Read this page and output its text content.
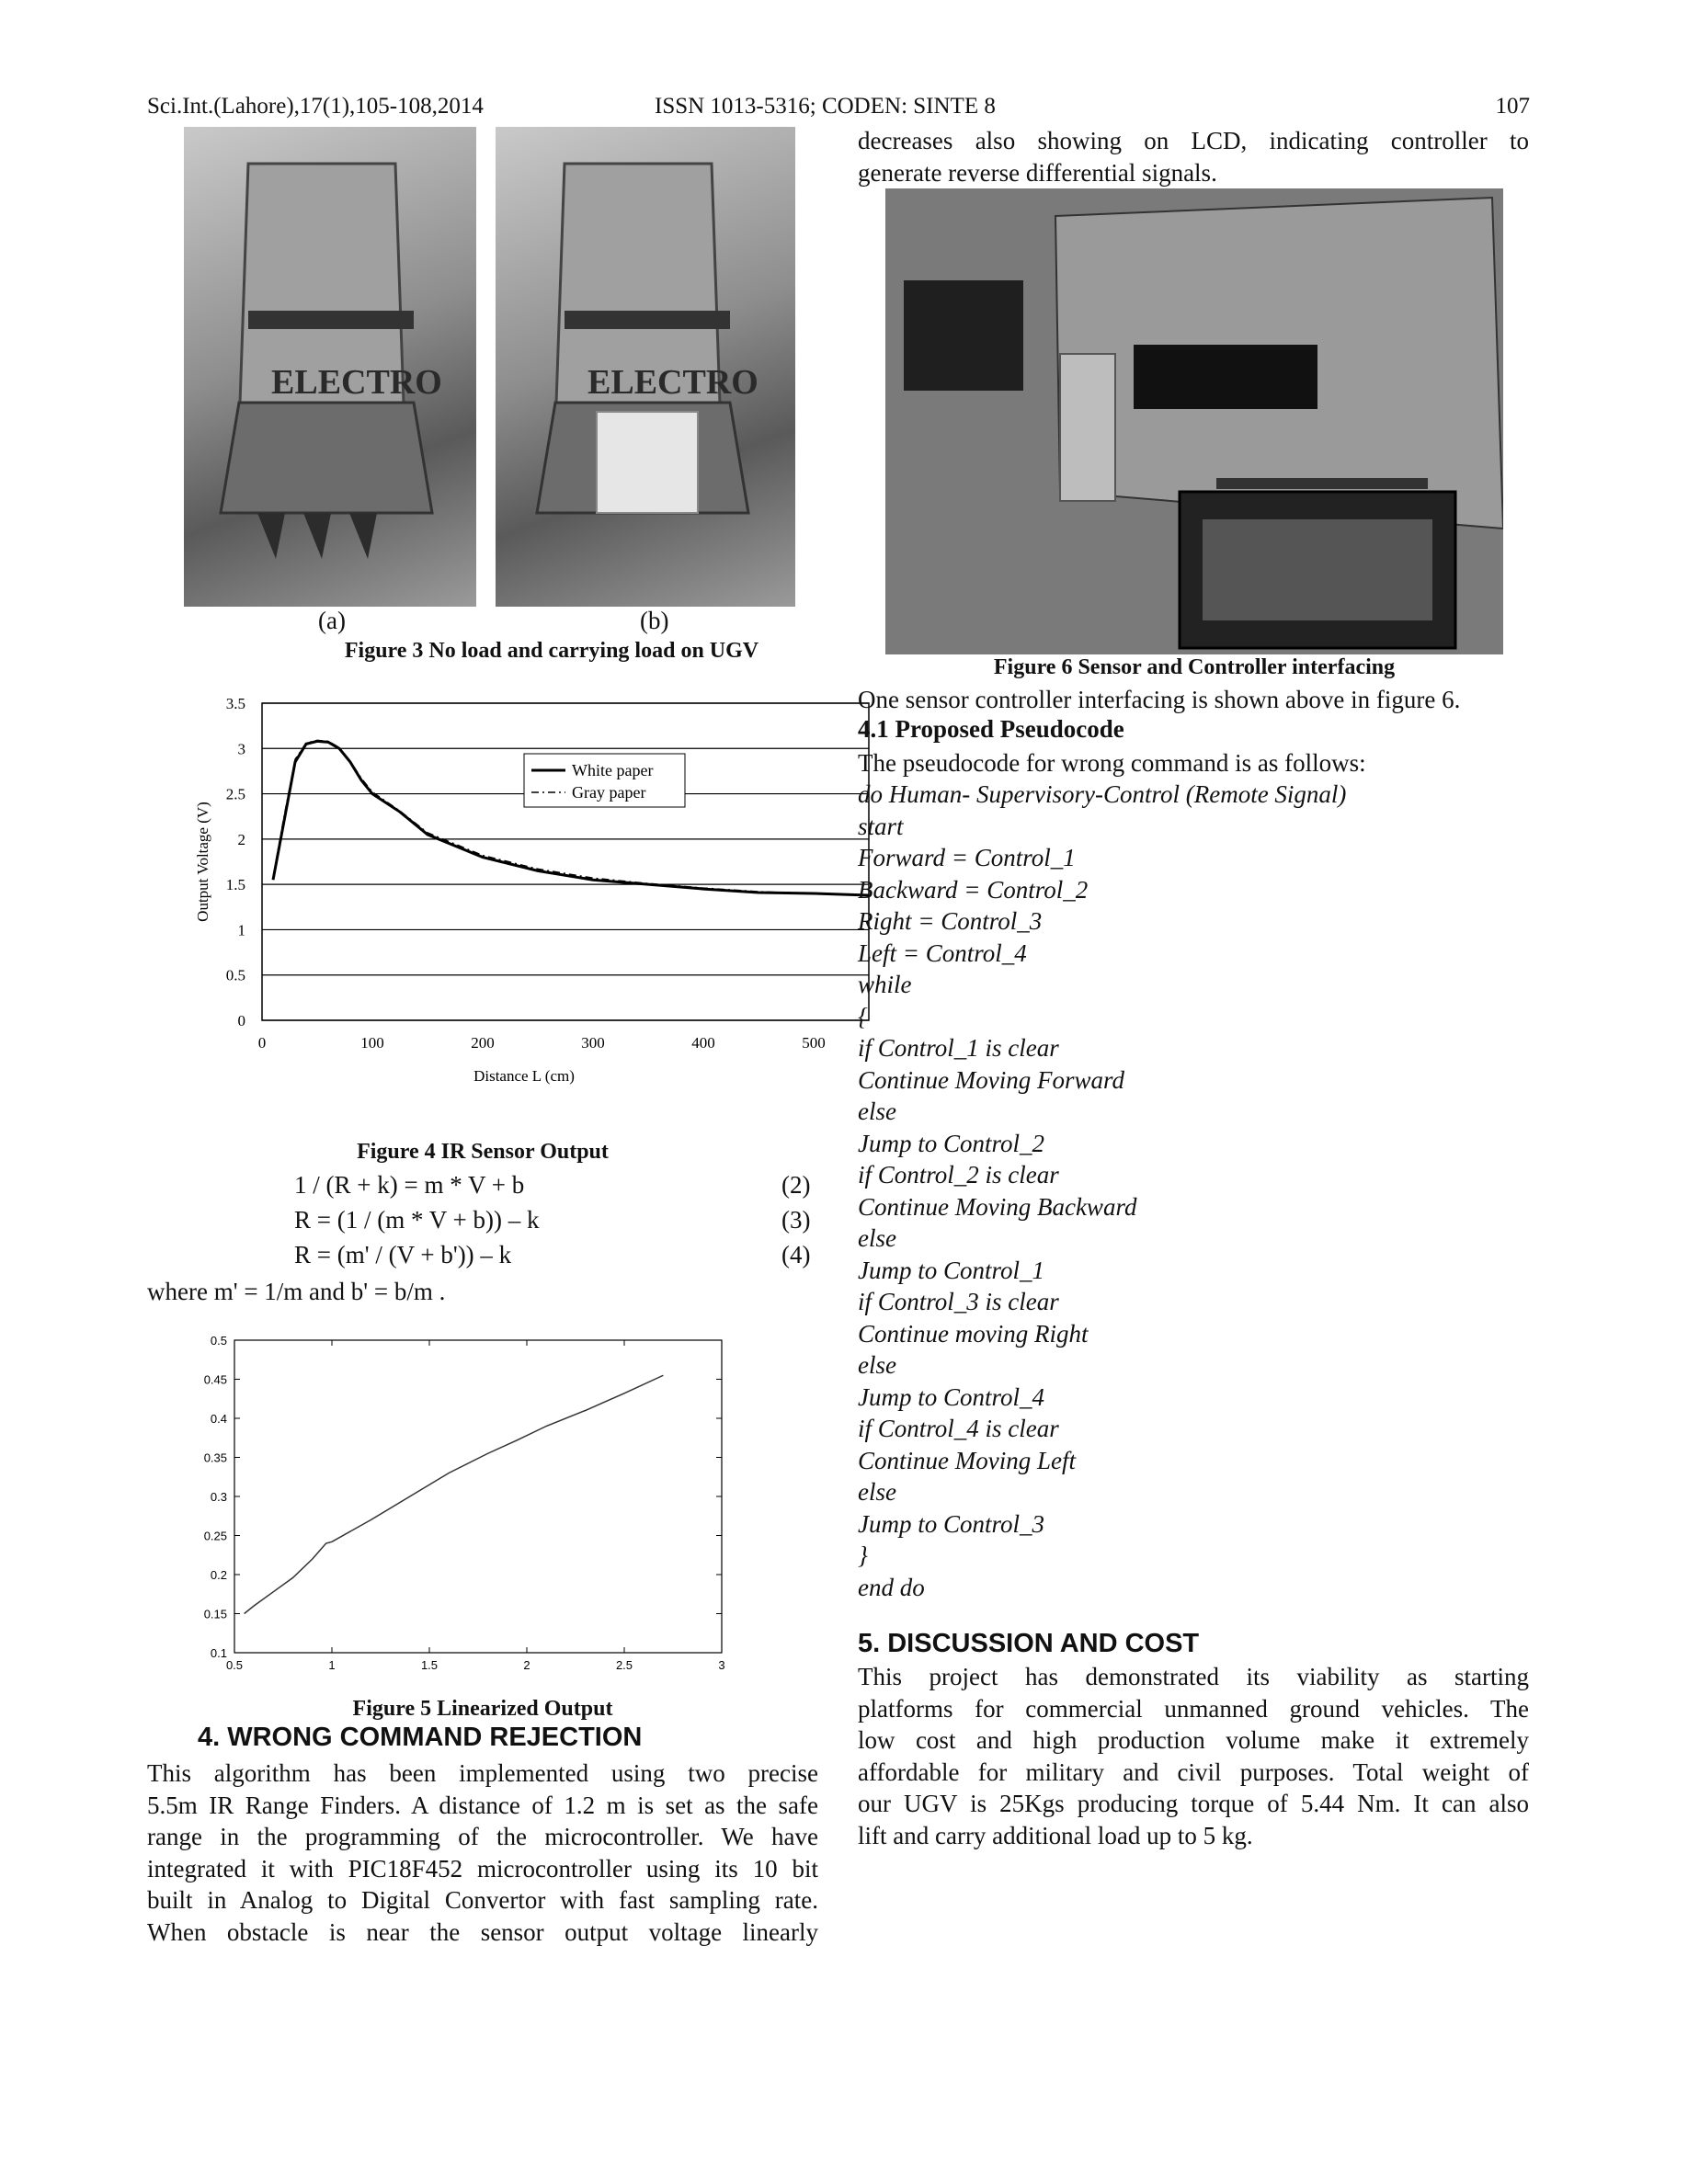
Sci.Int.(Lahore),17(1),105-108,2014	ISSN 1013-5316; CODEN: SINTE 8	107
ELECTRO	ELECTRO
(a)	(b)
Figure 3 No load and carrying load on UGV
0
0.5
1
1.5
2
2.5
3
3.5
0	100	200	300	400	500
White paper
Gray paper
Distance L (cm)
Output Voltage (V)
Figure 4 IR Sensor Output
1 / (R + k) = m * V + b	(2)
R = (1 / (m * V + b)) – k	(3)
R = (m' / (V + b')) – k	(4)
where m' = 1/m and b' = b/m .
0.1
0.15
0.2
0.25
0.3
0.35
0.4
0.45
0.5
0.5	1	1.5	2	2.5	3
Figure 5 Linearized Output
4. WRONG COMMAND REJECTION
This algorithm has been implemented using two precise
5.5m IR Range Finders. A distance of 1.2 m is set as the safe
range in the programming of the microcontroller. We have
integrated it with PIC18F452 microcontroller using its 10 bit
built in Analog to Digital Convertor with fast sampling rate.
When obstacle is near the sensor output voltage linearly
decreases also showing on LCD, indicating controller to
generate reverse differential signals.
Figure 6 Sensor and Controller interfacing
One sensor controller interfacing is shown above in figure 6.
4.1 Proposed Pseudocode
The pseudocode for wrong command is as follows:
do Human- Supervisory-Control (Remote Signal)
start
Forward = Control_1
Backward = Control_2
Right = Control_3
Left = Control_4
while
{
if Control_1 is clear
Continue Moving Forward
else
Jump to Control_2
if Control_2 is clear
Continue Moving Backward
else
Jump to Control_1
if Control_3 is clear
Continue moving Right
else
Jump to Control_4
if Control_4 is clear
Continue Moving Left
else
Jump to Control_3
}
end do
5. DISCUSSION AND COST
This project has demonstrated its viability as starting
platforms for commercial unmanned ground vehicles. The
low cost and high production volume make it extremely
affordable for military and civil purposes. Total weight of
our UGV is 25Kgs producing torque of 5.44 Nm. It can also
lift and carry additional load up to 5 kg.
